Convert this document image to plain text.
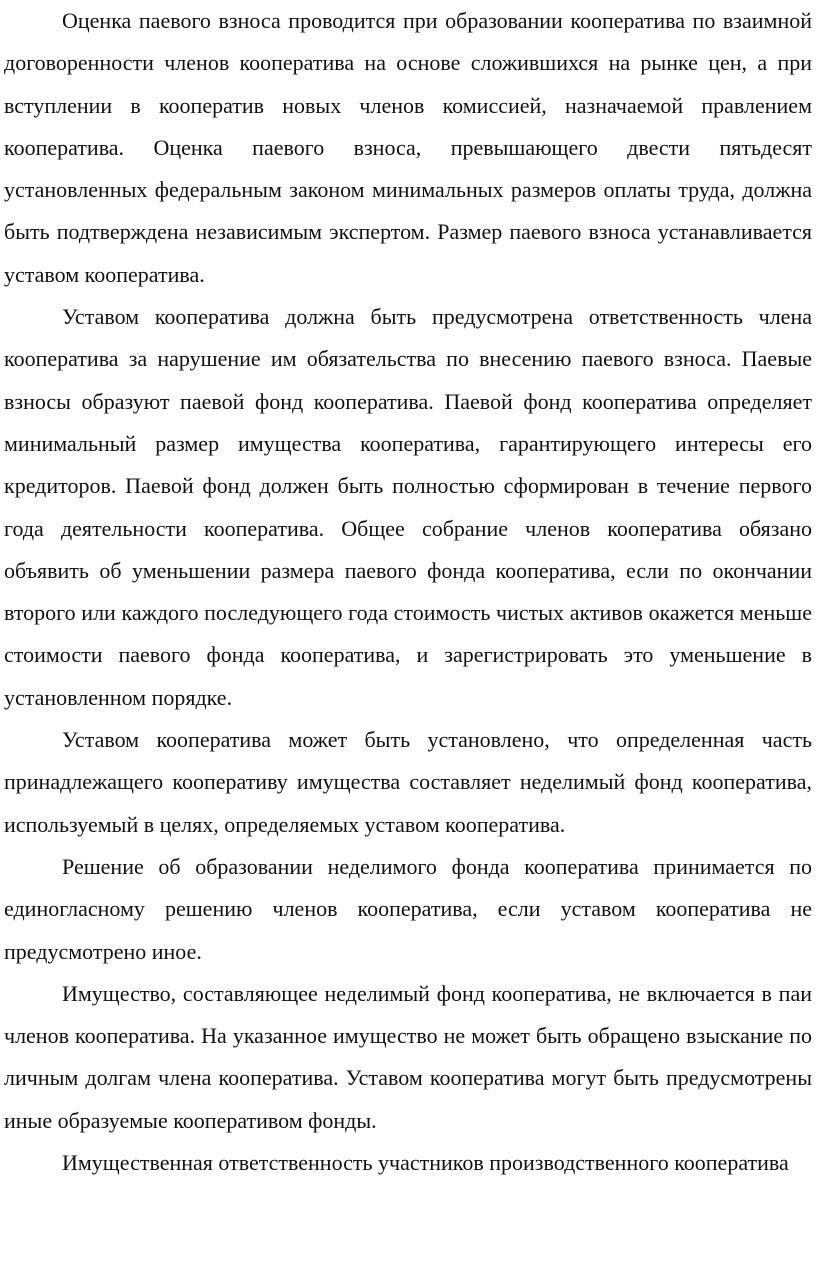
Оценка паевого взноса проводится при образовании кооператива по взаимной договоренности членов кооператива на основе сложившихся на рынке цен, а при вступлении в кооператив новых членов комиссией, назначаемой правлением кооператива. Оценка паевого взноса, превышающего двести пятьдесят установленных федеральным законом минимальных размеров оплаты труда, должна быть подтверждена независимым экспертом. Размер паевого взноса устанавливается уставом кооператива.

Уставом кооператива должна быть предусмотрена ответственность члена кооператива за нарушение им обязательства по внесению паевого взноса. Паевые взносы образуют паевой фонд кооператива. Паевой фонд кооператива определяет минимальный размер имущества кооператива, гарантирующего интересы его кредиторов. Паевой фонд должен быть полностью сформирован в течение первого года деятельности кооператива. Общее собрание членов кооператива обязано объявить об уменьшении размера паевого фонда кооператива, если по окончании второго или каждого последующего года стоимость чистых активов окажется меньше стоимости паевого фонда кооператива, и зарегистрировать это уменьшение в установленном порядке.

Уставом кооператива может быть установлено, что определенная часть принадлежащего кооперативу имущества составляет неделимый фонд кооператива, используемый в целях, определяемых уставом кооператива.

Решение об образовании неделимого фонда кооператива принимается по единогласному решению членов кооператива, если уставом кооператива не предусмотрено иное.

Имущество, составляющее неделимый фонд кооператива, не включается в паи членов кооператива. На указанное имущество не может быть обращено взыскание по личным долгам члена кооператива. Уставом кооператива могут быть предусмотрены иные образуемые кооперативом фонды.

Имущественная ответственность участников производственного кооператива
